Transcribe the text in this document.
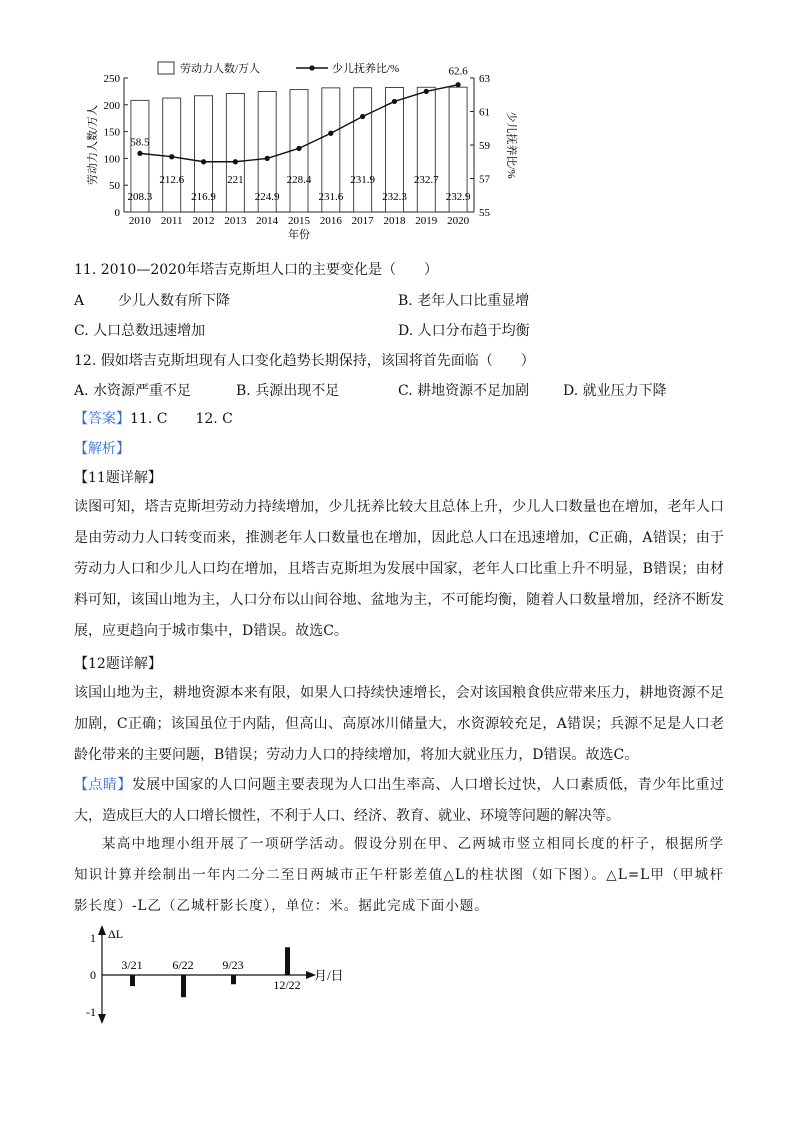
0
50
100
150
200
250
55
57
59
61
63
208.3
212.6
216.9
221
224.9
228.4
231.6
231.9
232.3
232.7
232.9
58.5
62.6
2010 2011 2012 2013 2014 2015 2016 2017 2018 2019 2020
年份
劳动力人数/万人	少儿抚养比/%
劳动力人数/万人	少儿抚养比/%
11. 2010—2020年塔吉克斯坦人口的主要变化是（　　）
A 少儿人数有所下降	B. 老年人口比重显增
C. 人口总数迅速增加	D. 人口分布趋于均衡
12. 假如塔吉克斯坦现有人口变化趋势长期保持，该国将首先面临（　　）
A. 水资源严重不足	B. 兵源出现不足	C. 耕地资源不足加剧 D. 就业压力下降
【答案】11. C 12. C
【解析】
【11题详解】
读图可知，塔吉克斯坦劳动力持续增加，少儿抚养比较大且总体上升，少儿人口数量也在增加，老年人口是由劳动力人口转变而来，推测老年人口数量也在增加，因此总人口在迅速增加，C正确，A错误；由于劳动力人口和少儿人口均在增加，且塔吉克斯坦为发展中国家，老年人口比重上升不明显，B错误；由材料可知，该国山地为主，人口分布以山间谷地、盆地为主，不可能均衡，随着人口数量增加，经济不断发展，应更趋向于城市集中，D错误。故选C。
【12题详解】
该国山地为主，耕地资源本来有限，如果人口持续快速增长，会对该国粮食供应带来压力，耕地资源不足加剧，C正确；该国虽位于内陆，但高山、高原冰川储量大，水资源较充足，A错误；兵源不足是人口老龄化带来的主要问题，B错误；劳动力人口的持续增加，将加大就业压力，D错误。故选C。
【点睛】发展中国家的人口问题主要表现为人口出生率高、人口增长过快，人口素质低，青少年比重过大，造成巨大的人口增长惯性，不利于人口、经济、教育、就业、环境等问题的解决等。
某高中地理小组开展了一项研学活动。假设分别在甲、乙两城市竖立相同长度的杆子，根据所学知识计算并绘制出一年内二分二至日两城市正午杆影差值△L的柱状图（如下图）。△L=L甲（甲城杆影长度）-L乙（乙城杆影长度），单位：米。据此完成下面小题。
ΔL
月/日
1
0
-1
3/21 6/22 9/23
12/22
